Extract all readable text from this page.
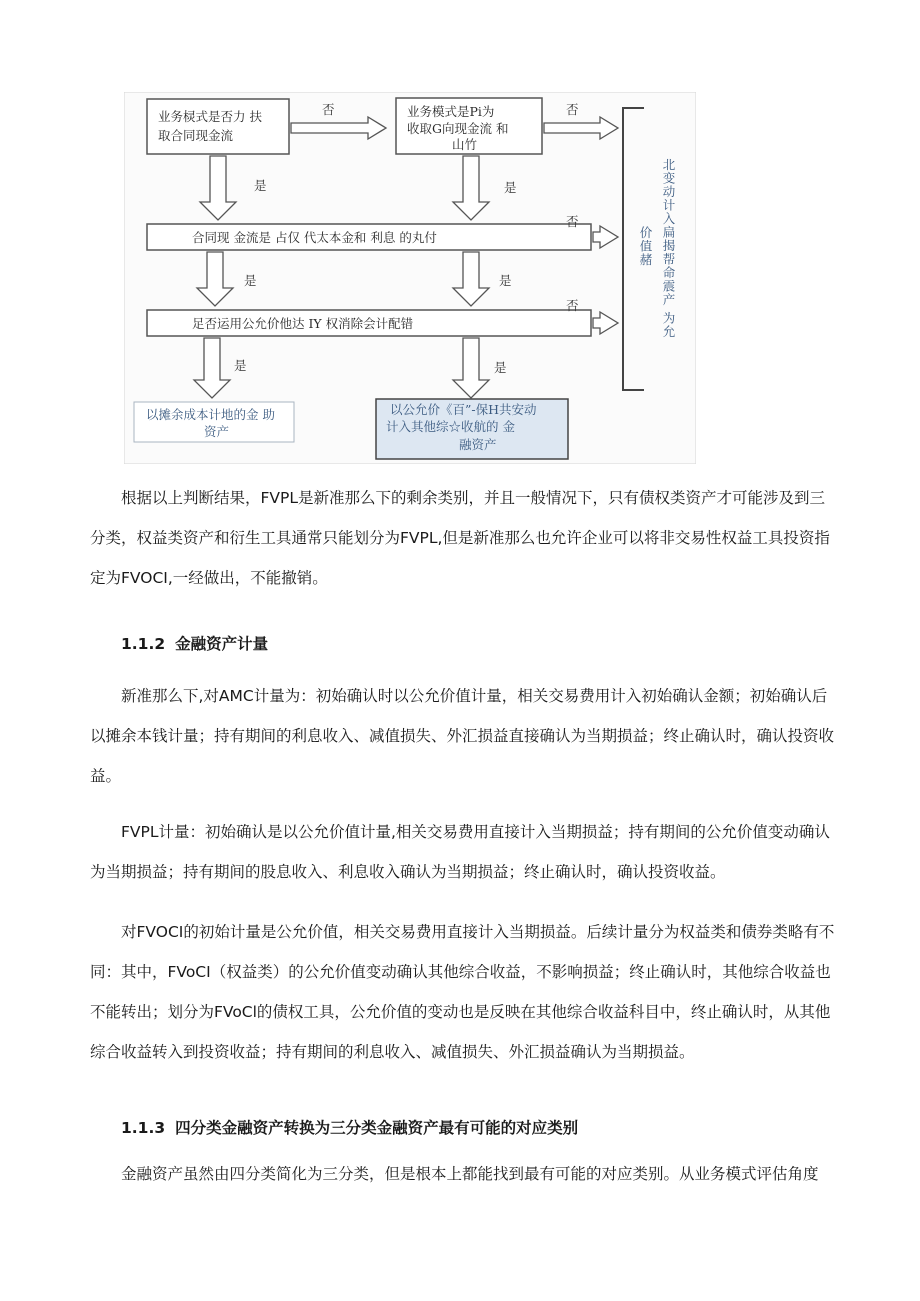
业务棂式是否力 扶
取合同现金流
业务模式是Pi为
收取G向现金流 和
山竹
否	否
是	是
合同现 金流是 占仅 代太本金和 利息 的丸付
否
是	是
足否运用公允价他达 IY 权消除会计配错
否
是	是
以摊余成本计地的金 助
资产
以公允价《百”-保H共安动
计入其他综☆收航的 金
融资产
北变动计入扁揭帮命震产 为允
价值赭

根据以上判断结果，FVPL是新准那么下的剩余类别，并且一般情况下，只有债权类资产才可能涉及到三分类，权益类资产和衍生工具通常只能划分为FVPL,但是新准那么也允许企业可以将非交易性权益工具投资指定为FVOCI,一经做出，不能撤销。

1.1.2 金融资产计量

新准那么下,对AMC计量为：初始确认时以公允价值计量，相关交易费用计入初始确认金额；初始确认后以摊余本钱计量；持有期间的利息收入、减值损失、外汇损益直接确认为当期损益；终止确认时，确认投资收益。

FVPL计量：初始确认是以公允价值计量,相关交易费用直接计入当期损益；持有期间的公允价值变动确认为当期损益；持有期间的股息收入、利息收入确认为当期损益；终止确认时，确认投资收益。

对FVOCI的初始计量是公允价值，相关交易费用直接计入当期损益。后续计量分为权益类和债券类略有不同：其中，FVoCI（权益类）的公允价值变动确认其他综合收益，不影响损益；终止确认时，其他综合收益也不能转出；划分为FVoCl的债权工具，公允价值的变动也是反映在其他综合收益科目中，终止确认时，从其他综合收益转入到投资收益；持有期间的利息收入、减值损失、外汇损益确认为当期损益。

1.1.3 四分类金融资产转换为三分类金融资产最有可能的对应类别

金融资产虽然由四分类简化为三分类，但是根本上都能找到最有可能的对应类别。从业务模式评估角度
